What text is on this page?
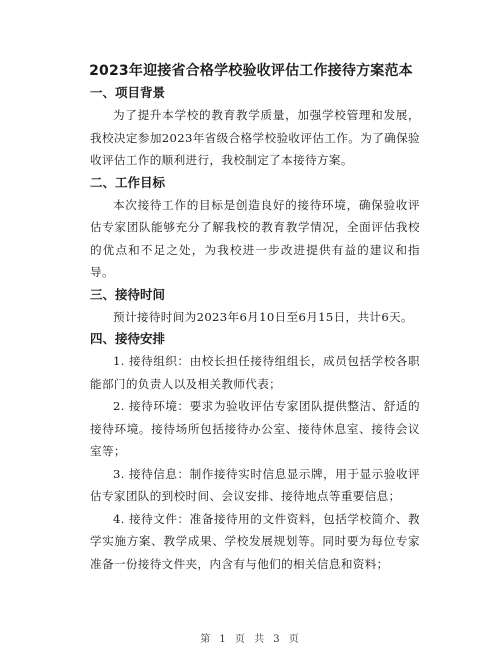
2023年迎接省合格学校验收评估工作接待方案范本
一、项目背景

为了提升本学校的教育教学质量，加强学校管理和发展，我校决定参加2023年省级合格学校验收评估工作。为了确保验收评估工作的顺利进行，我校制定了本接待方案。

二、工作目标

本次接待工作的目标是创造良好的接待环境，确保验收评估专家团队能够充分了解我校的教育教学情况，全面评估我校的优点和不足之处，为我校进一步改进提供有益的建议和指导。

三、接待时间

预计接待时间为2023年6月10日至6月15日，共计6天。

四、接待安排

1. 接待组织：由校长担任接待组组长，成员包括学校各职能部门的负责人以及相关教师代表；

2. 接待环境：要求为验收评估专家团队提供整洁、舒适的接待环境。接待场所包括接待办公室、接待休息室、接待会议室等；

3. 接待信息：制作接待实时信息显示牌，用于显示验收评估专家团队的到校时间、会议安排、接待地点等重要信息；

4. 接待文件：准备接待用的文件资料，包括学校简介、教学实施方案、教学成果、学校发展规划等。同时要为每位专家准备一份接待文件夹，内含有与他们的相关信息和资料；

第 1 页 共 3 页
